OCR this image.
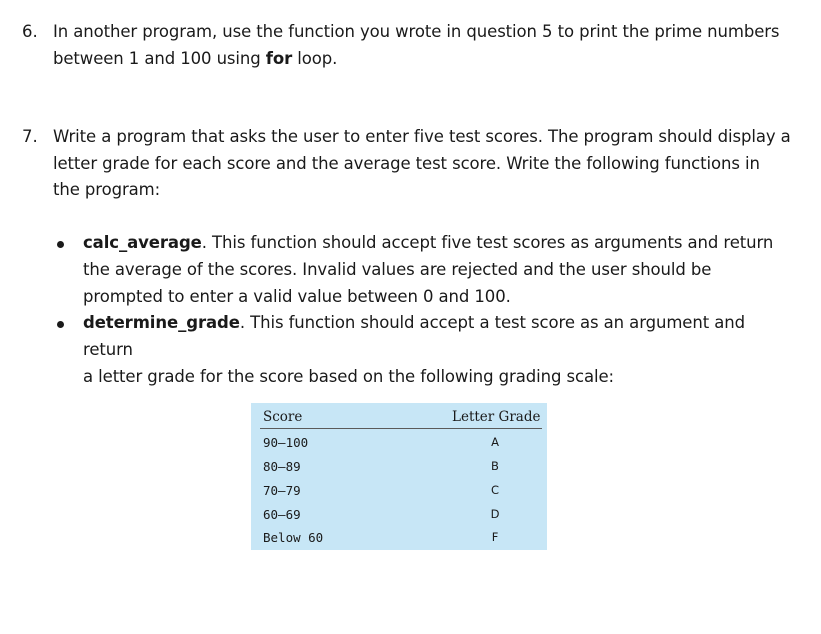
6. In another program, use the function you wrote in question 5 to print the prime numbers
between 1 and 100 using for loop.
7. Write a program that asks the user to enter five test scores. The program should display a
letter grade for each score and the average test score. Write the following functions in
the program:
calc_average. This function should accept five test scores as arguments and return
the average of the scores. Invalid values are rejected and the user should be
prompted to enter a valid value between 0 and 100.
determine_grade. This function should accept a test score as an argument and return
a letter grade for the score based on the following grading scale:
Score	Letter Grade
90–100	A
80–89	B
70–79	C
60–69	D
Below 60	F
